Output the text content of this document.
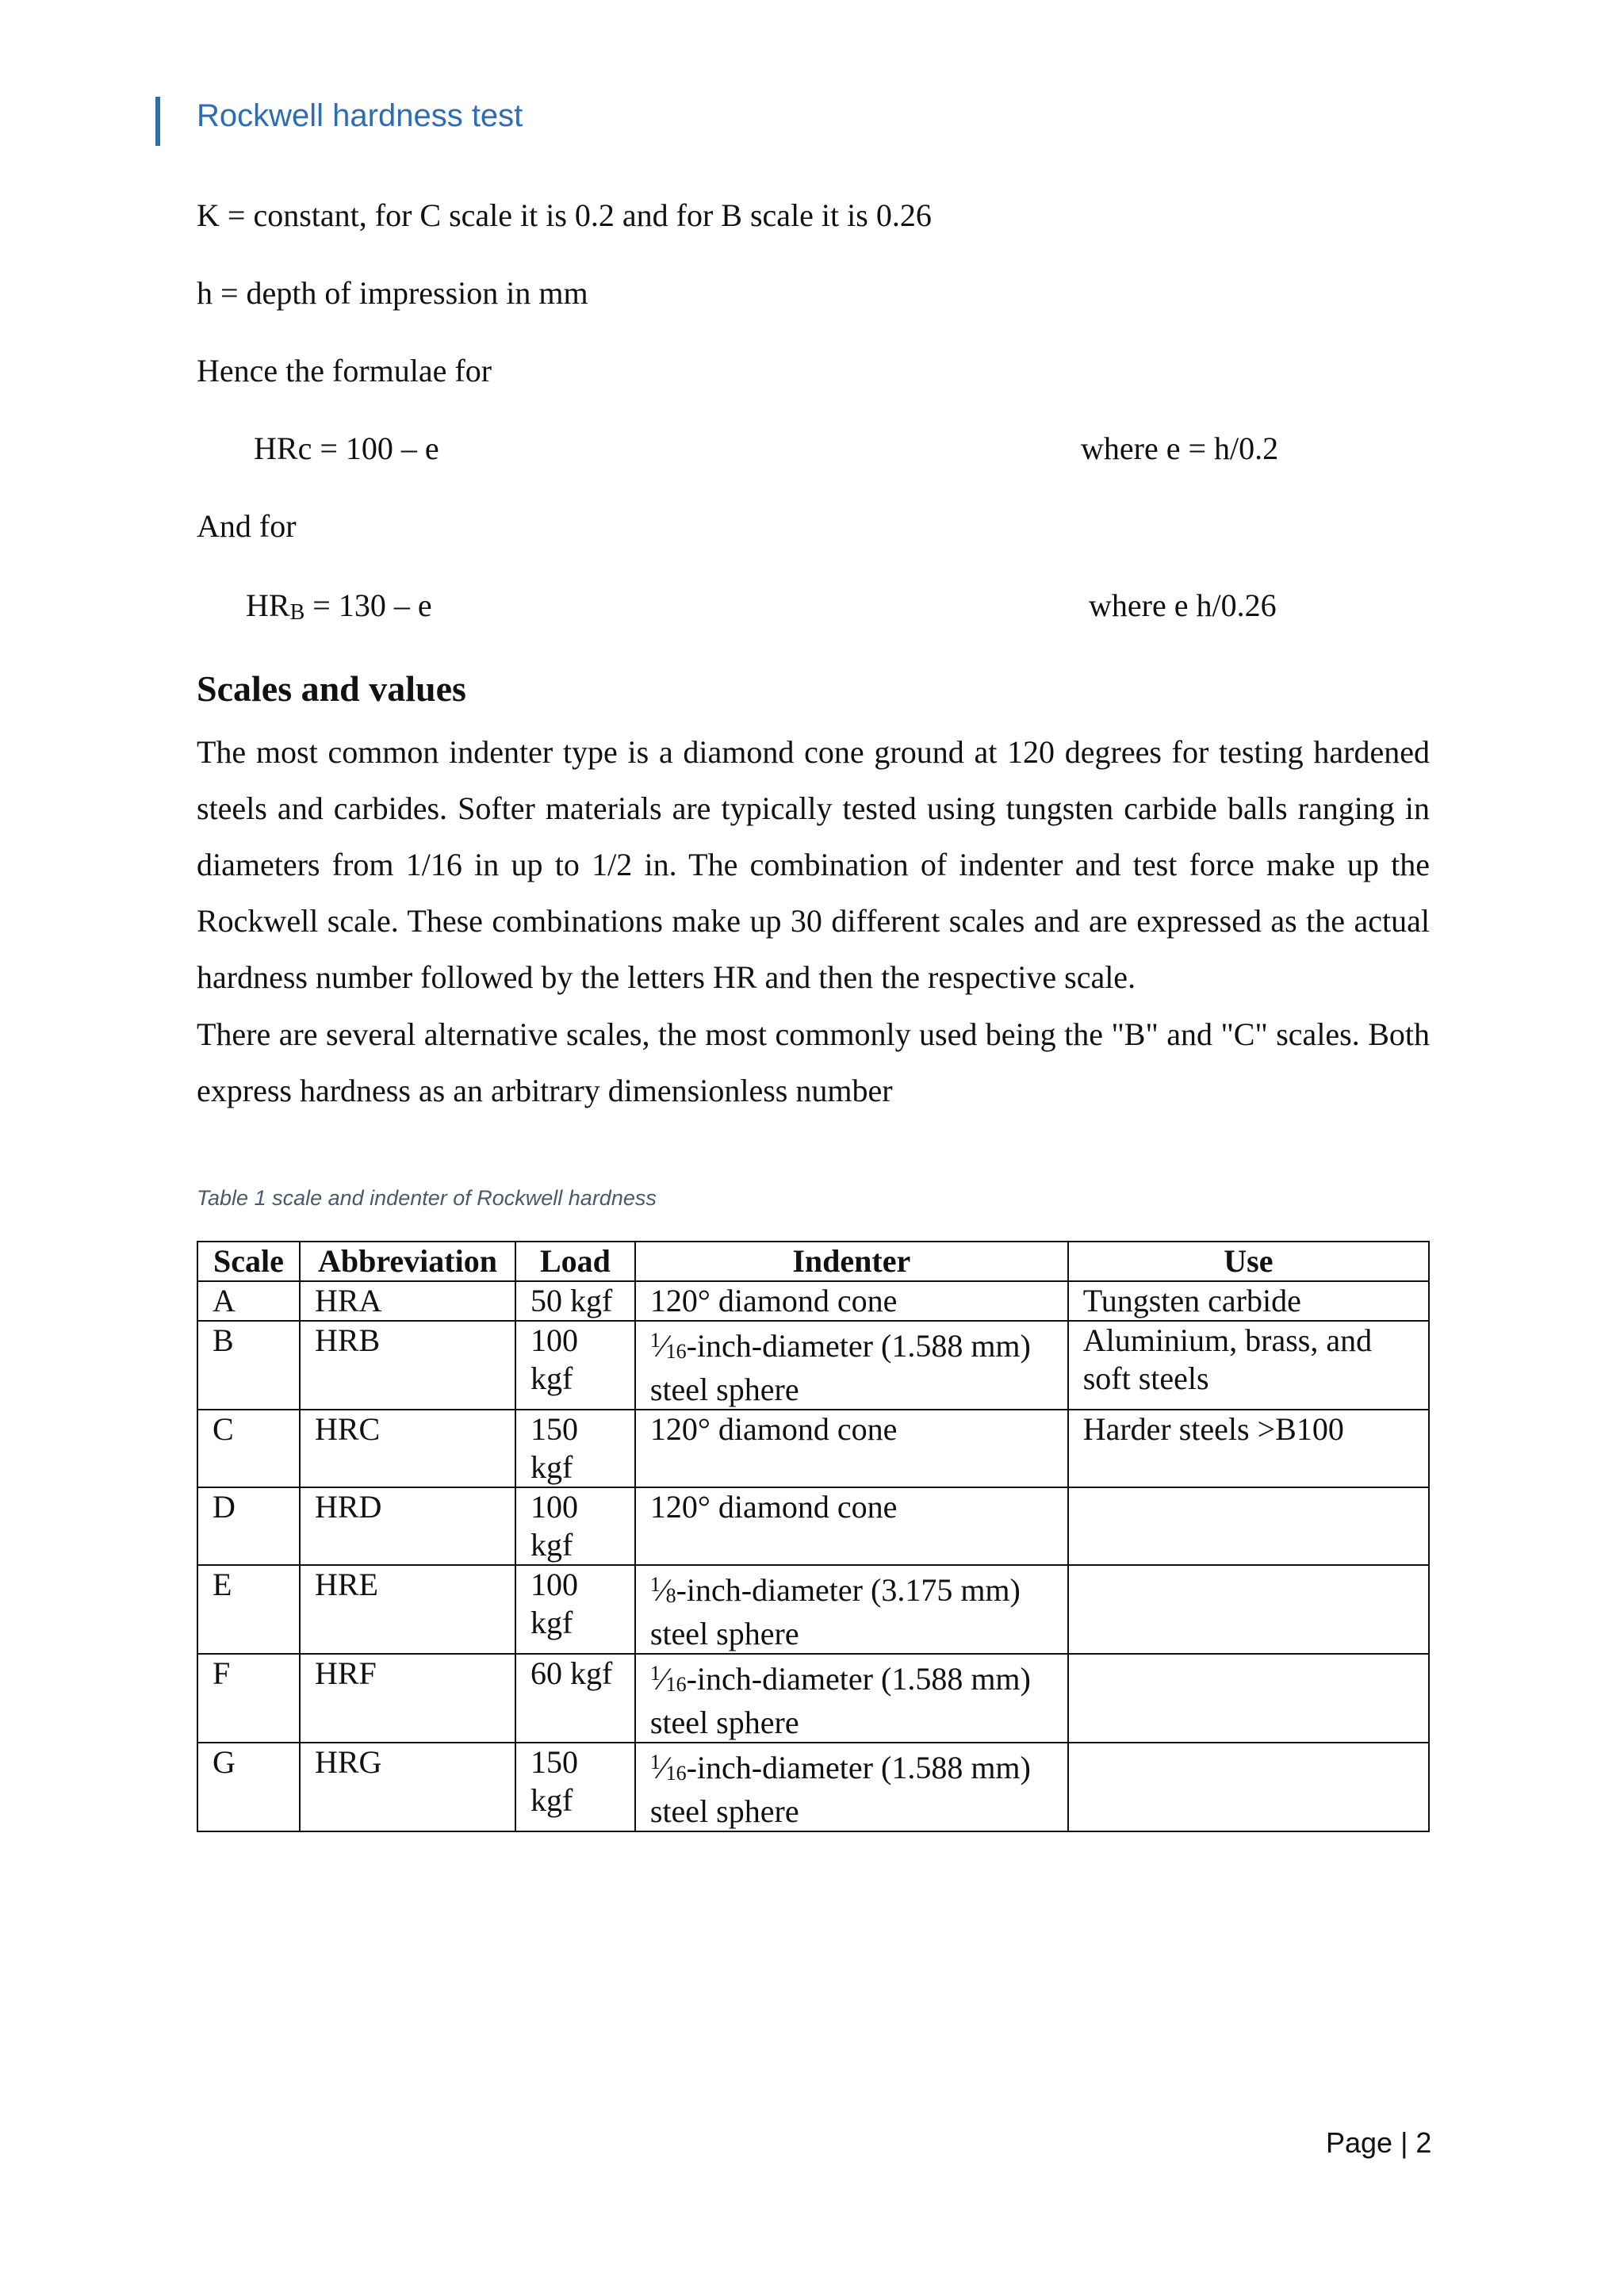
Rockwell hardness test
K = constant, for C scale it is 0.2 and for B scale it is 0.26
h = depth of impression in mm
Hence the formulae for
HRc = 100 – e	where e = h/0.2
And for
HRB = 130 – e	where e h/0.26
Scales and values

The most common indenter type is a diamond cone ground at 120 degrees for testing hardened steels and carbides. Softer materials are typically tested using tungsten carbide balls ranging in diameters from 1/16 in up to 1/2 in. The combination of indenter and test force make up the Rockwell scale. These combinations make up 30 different scales and are expressed as the actual hardness number followed by the letters HR and then the respective scale.

There are several alternative scales, the most commonly used being the "B" and "C" scales. Both express hardness as an arbitrary dimensionless number

Table 1 scale and indenter of Rockwell hardness
Scale	Abbreviation	Load	Indenter	Use
A	HRA	50 kgf	120° diamond cone	Tungsten carbide
B	HRB	100 kgf	$^1⁄_{16}-inch$-diameter (1.588 mm) steel sphere	Aluminium, brass, and soft steels
C	HRC	150 kgf	120° diamond cone	Harder steels >B100
D	HRD	100 kgf	120° diamond cone	
E	HRE	100 kgf	$^1⁄_8-inch$-diameter (3.175 mm) steel sphere	
F	HRF	60 kgf	$^1⁄_{16}-inch$-diameter (1.588 mm) steel sphere	
G	HRG	150 kgf	$^1⁄_{16}-inch$-diameter (1.588 mm) steel sphere	
Page | 2
